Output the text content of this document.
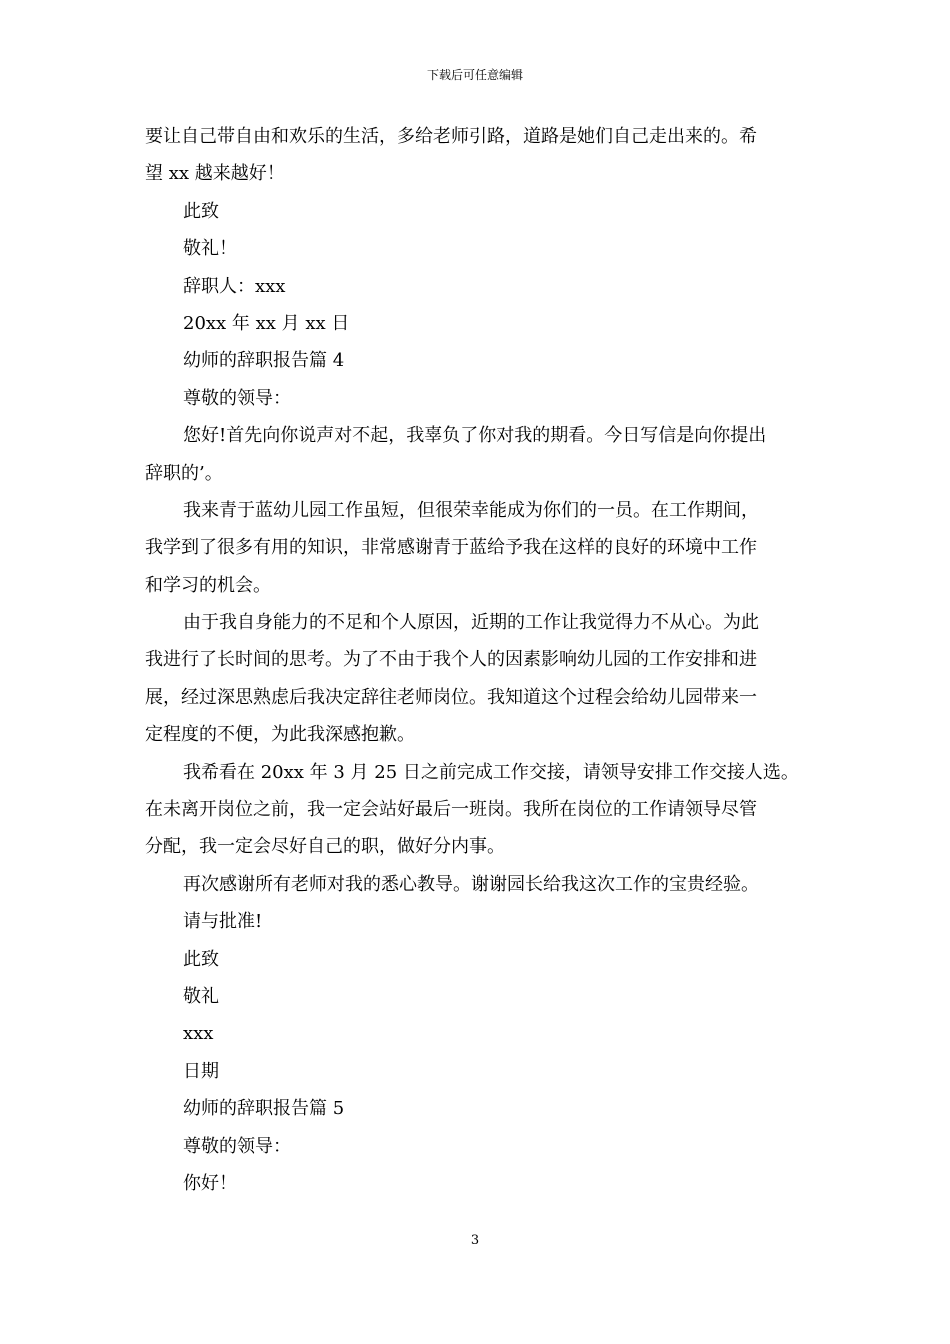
下载后可任意编辑
要让自己带自由和欢乐的生活，多给老师引路，道路是她们自己走出来的。希
望 xx 越来越好！
此致
敬礼！
辞职人：xxx
20xx 年 xx 月 xx 日
幼师的辞职报告篇 4
尊敬的领导：
您好!首先向你说声对不起，我辜负了你对我的期看。今日写信是向你提出
辞职的’。
我来青于蓝幼儿园工作虽短，但很荣幸能成为你们的一员。在工作期间，
我学到了很多有用的知识，非常感谢青于蓝给予我在这样的良好的环境中工作
和学习的机会。
由于我自身能力的不足和个人原因，近期的工作让我觉得力不从心。为此
我进行了长时间的思考。为了不由于我个人的因素影响幼儿园的工作安排和进
展，经过深思熟虑后我决定辞往老师岗位。我知道这个过程会给幼儿园带来一
定程度的不便，为此我深感抱歉。
我希看在 20xx 年 3 月 25 日之前完成工作交接，请领导安排工作交接人选。
在未离开岗位之前，我一定会站好最后一班岗。我所在岗位的工作请领导尽管
分配，我一定会尽好自己的职，做好分内事。
再次感谢所有老师对我的悉心教导。谢谢园长给我这次工作的宝贵经验。
请与批准!
此致
敬礼
xxx
日期
幼师的辞职报告篇 5
尊敬的领导：
你好！
3
